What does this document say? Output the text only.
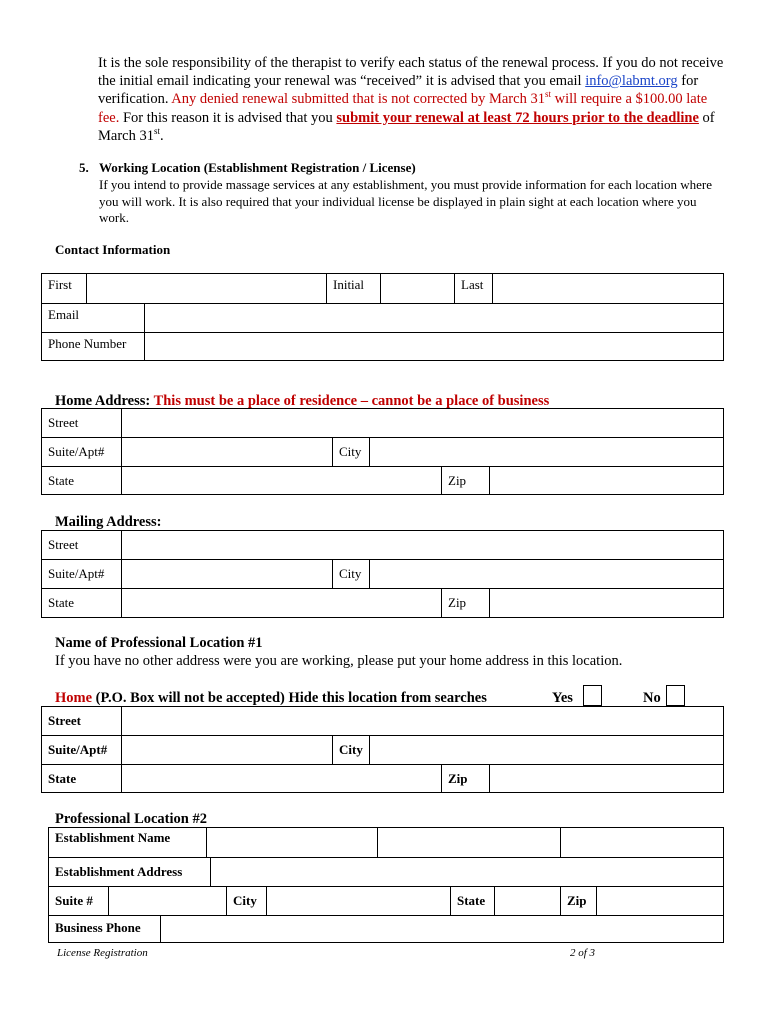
It is the sole responsibility of the therapist to verify each status of the renewal process. If you do not receive the initial email indicating your renewal was “received” it is advised that you email info@labmt.org for verification. Any denied renewal submitted that is not corrected by March 31st will require a $100.00 late fee. For this reason it is advised that you submit your renewal at least 72 hours prior to the deadline of March 31st.
5. Working Location (Establishment Registration / License)
If you intend to provide massage services at any establishment, you must provide information for each location where you will work. It is also required that your individual license be displayed in plain sight at each location where you work.
Contact Information
First	Initial	Last
Email
Phone Number
Home Address: This must be a place of residence – cannot be a place of business
Street
Suite/Apt#	City
State	Zip
Mailing Address:
Street
Suite/Apt#	City
State	Zip
Name of Professional Location #1
If you have no other address were you are working, please put your home address in this location.
Home (P.O. Box will not be accepted) Hide this location from searches	Yes	No
Street
Suite/Apt#	City
State	Zip
Professional Location #2
Establishment Name
Establishment Address
Suite #	City	State	Zip
Business Phone
License Registration	2 of 3
